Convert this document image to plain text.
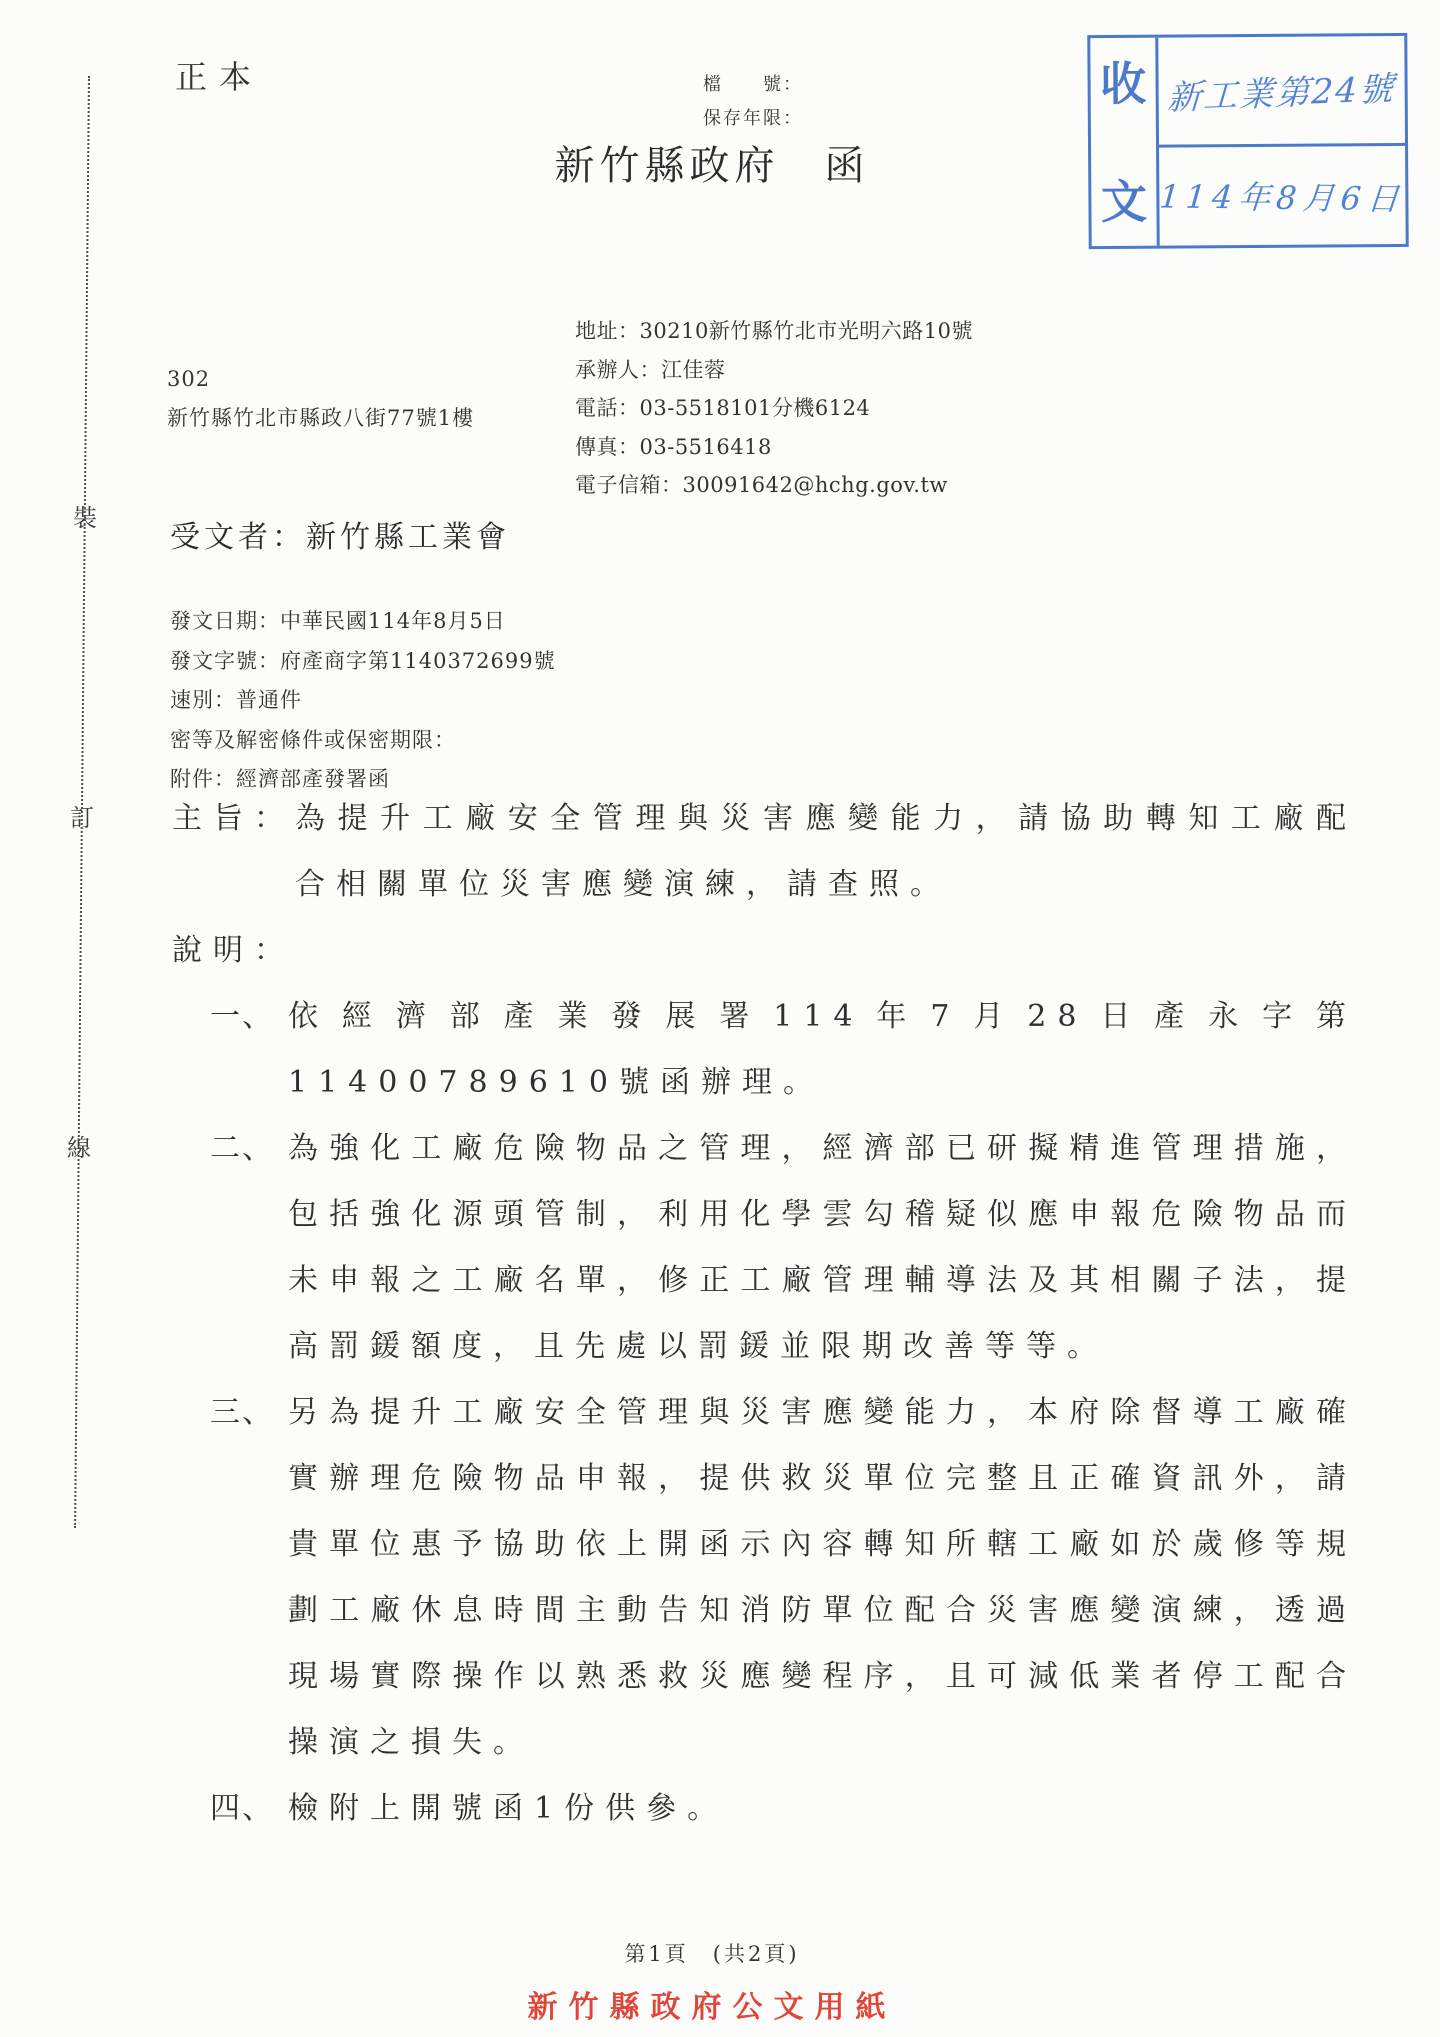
裝
訂
線
正本	檔　　號：
保存年限：
新竹縣政府　函
收
文
新工業第24號
114年8月6日
地址：30210新竹縣竹北市光明六路10號
承辦人：江佳蓉
電話：03-5518101分機6124
傳真：03-5516418
電子信箱：30091642@hchg.gov.tw
302
新竹縣竹北市縣政八街77號1樓
受文者：新竹縣工業會
發文日期：中華民國114年8月5日
發文字號：府產商字第1140372699號
速別：普通件
密等及解密條件或保密期限：
附件：經濟部產發署函
主旨： 為提升工廠安全管理與災害應變能力，請協助轉知工廠配合相關單位災害應變演練，請查照。
說明：
一、 依經濟部產業發展署114年7月28日產永字第11400789610號函辦理。
二、 為強化工廠危險物品之管理，經濟部已研擬精進管理措施，包括強化源頭管制，利用化學雲勾稽疑似應申報危險物品而未申報之工廠名單，修正工廠管理輔導法及其相關子法，提高罰鍰額度，且先處以罰鍰並限期改善等等。
三、 另為提升工廠安全管理與災害應變能力，本府除督導工廠確實辦理危險物品申報，提供救災單位完整且正確資訊外，請貴單位惠予協助依上開函示內容轉知所轄工廠如於歲修等規劃工廠休息時間主動告知消防單位配合災害應變演練，透過現場實際操作以熟悉救災應變程序，且可減低業者停工配合操演之損失。
四、 檢附上開號函1份供參。
第1頁　(共2頁)
新竹縣政府公文用紙
